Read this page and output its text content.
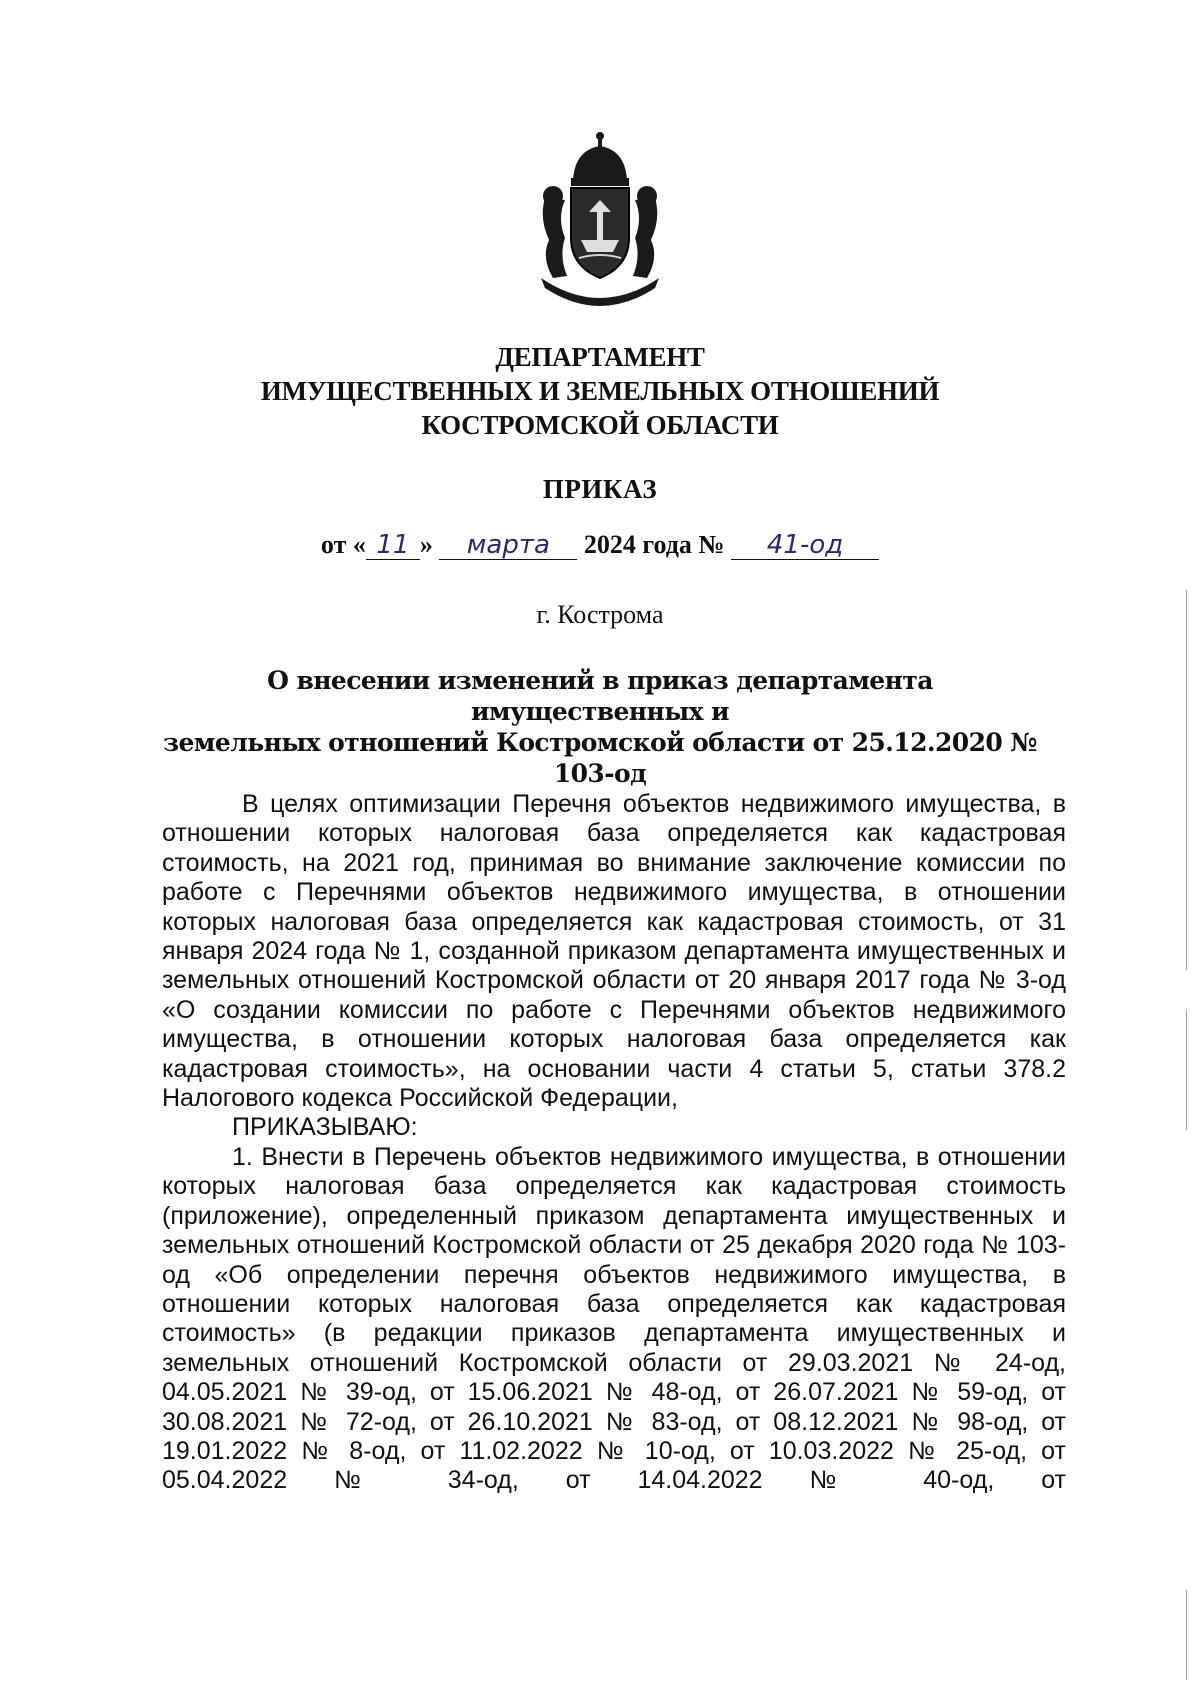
ДЕПАРТАМЕНТ
ИМУЩЕСТВЕННЫХ И ЗЕМЕЛЬНЫХ ОТНОШЕНИЙ
КОСТРОМСКОЙ ОБЛАСТИ
ПРИКАЗ
от « 11 » марта 2024 года № 41-од
г. Кострома
О внесении изменений в приказ департамента имущественных и
земельных отношений Костромской области от 25.12.2020 № 103-од

В целях оптимизации Перечня объектов недвижимого имущества, в отношении которых налоговая база определяется как кадастровая стоимость, на 2021 год, принимая во внимание заключение комиссии по работе с Перечнями объектов недвижимого имущества, в отношении которых налоговая база определяется как кадастровая стоимость, от 31 января 2024 года № 1, созданной приказом департамента имущественных и земельных отношений Костромской области от 20 января 2017 года № 3-од «О создании комиссии по работе с Перечнями объектов недвижимого имущества, в отношении которых налоговая база определяется как кадастровая стоимость», на основании части 4 статьи 5, статьи 378.2 Налогового кодекса Российской Федерации,

ПРИКАЗЫВАЮ:

1. Внести в Перечень объектов недвижимого имущества, в отношении которых налоговая база определяется как кадастровая стоимость (приложение), определенный приказом департамента имущественных и земельных отношений Костромской области от 25 декабря 2020 года № 103-од «Об определении перечня объектов недвижимого имущества, в отношении которых налоговая база определяется как кадастровая стоимость» (в редакции приказов департамента имущественных и земельных отношений Костромской области от 29.03.2021 № 24-од, 04.05.2021 № 39-од, от 15.06.2021 № 48-од, от 26.07.2021 № 59-од, от 30.08.2021 № 72-од, от 26.10.2021 № 83-од, от 08.12.2021 № 98-од, от 19.01.2022 № 8-од, от 11.02.2022 № 10-од, от 10.03.2022 № 25-од, от 05.04.2022 № 34-од, от 14.04.2022 № 40-од, от
